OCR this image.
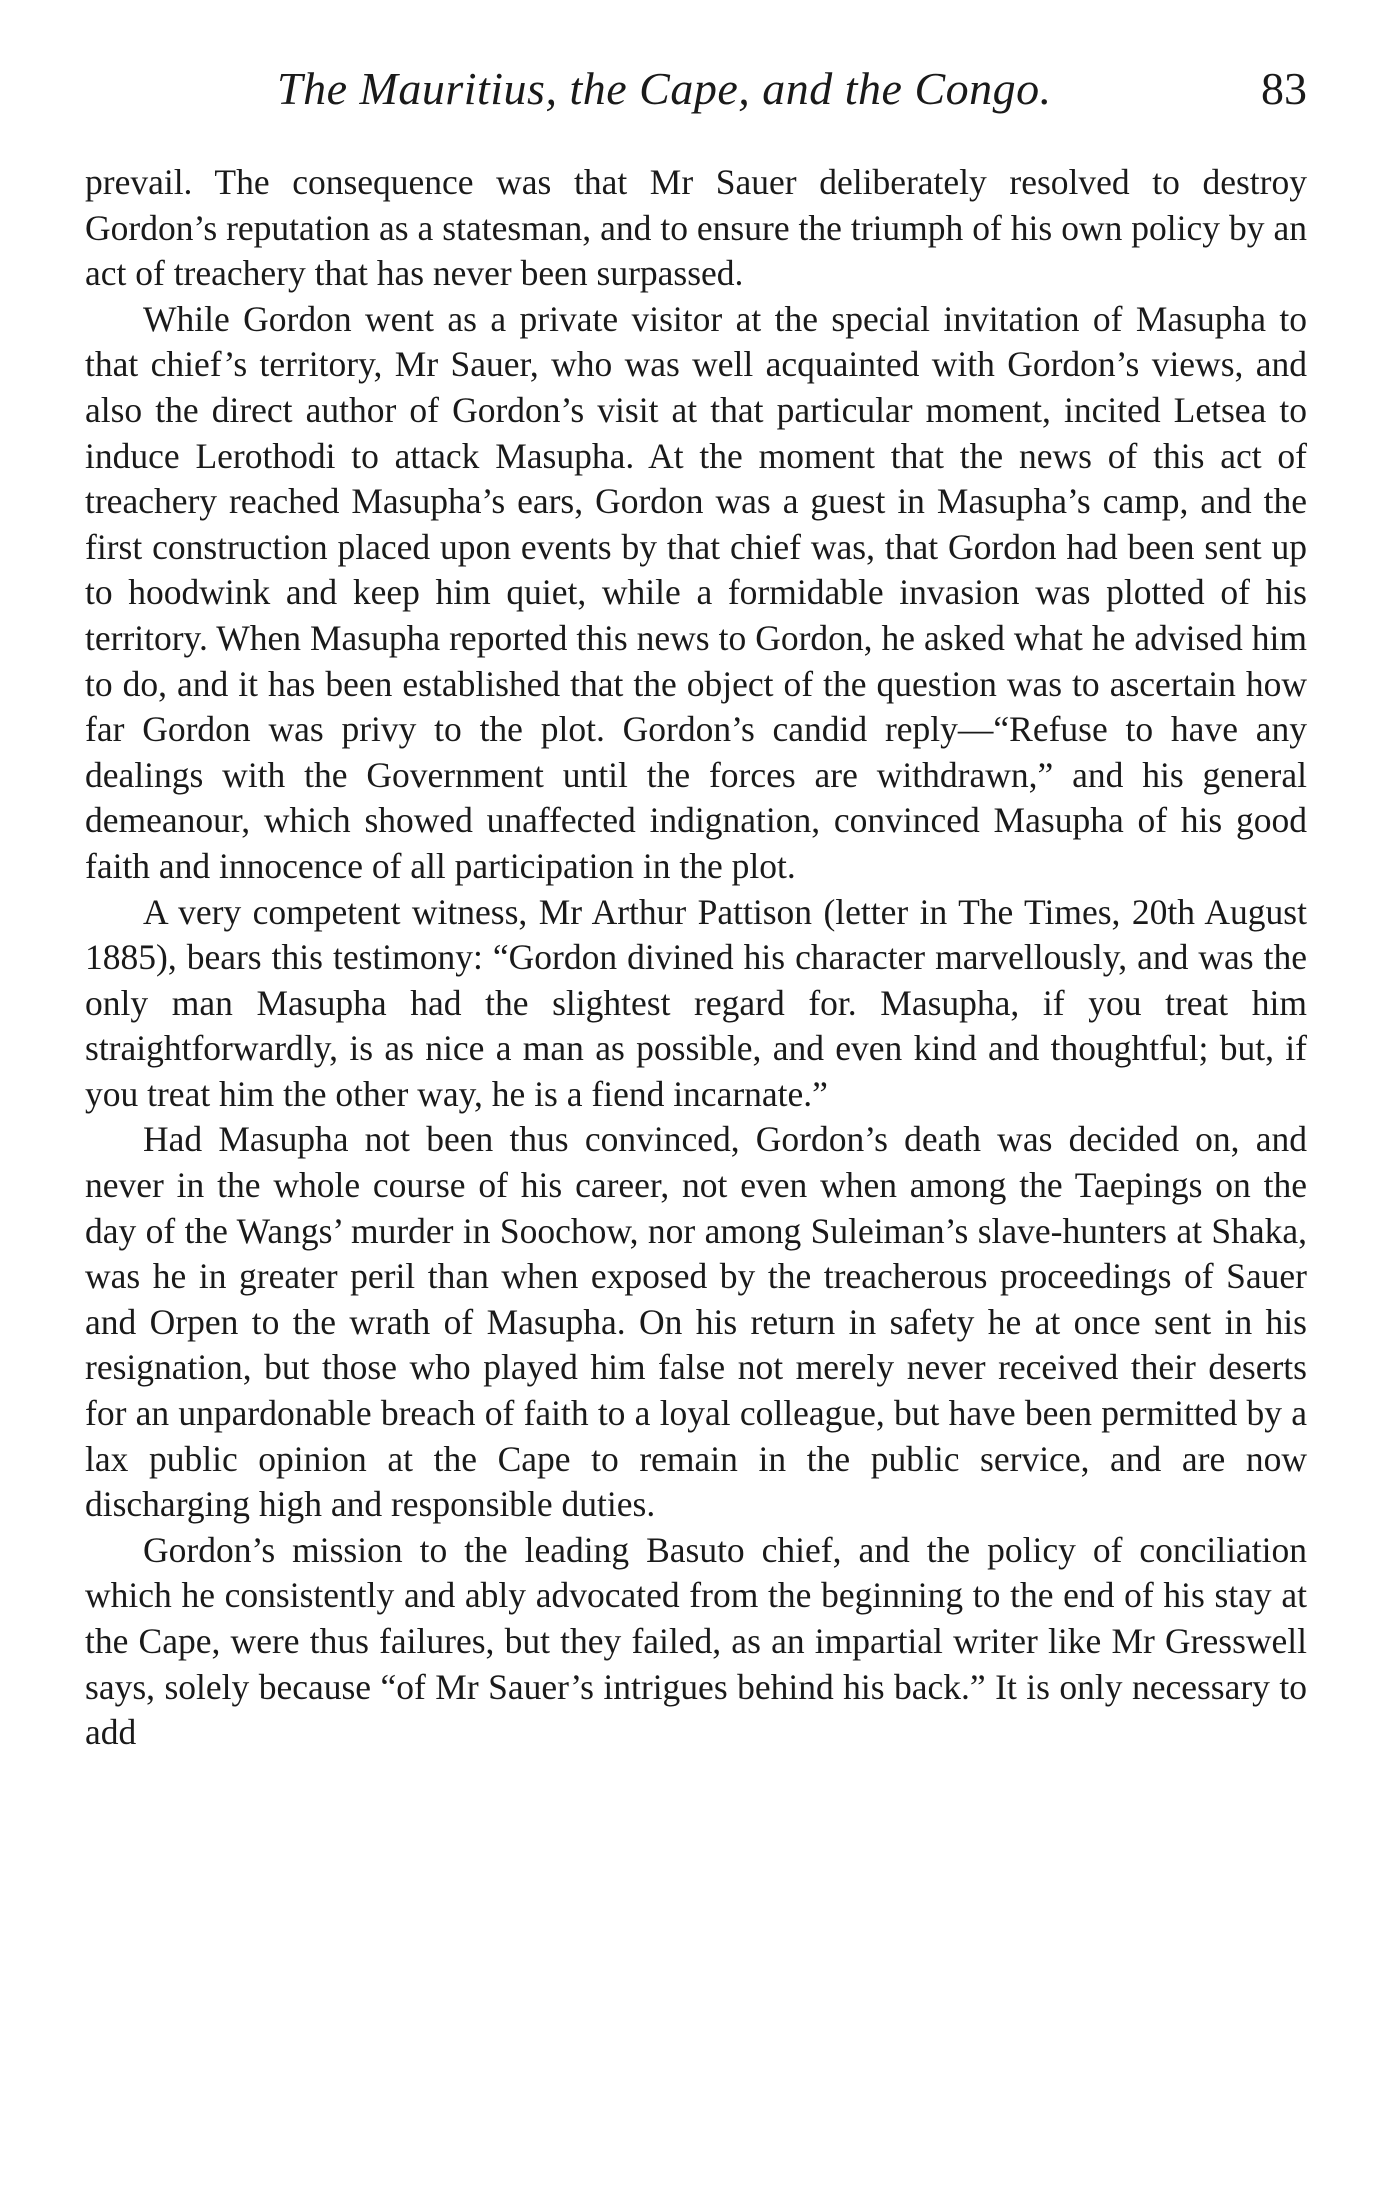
The Mauritius, the Cape, and the Congo.	83

prevail. The consequence was that Mr Sauer deliberately resolved to destroy Gordon’s reputation as a statesman, and to ensure the triumph of his own policy by an act of treachery that has never been surpassed.

While Gordon went as a private visitor at the special invitation of Masupha to that chief’s territory, Mr Sauer, who was well acquainted with Gordon’s views, and also the direct author of Gordon’s visit at that particular moment, incited Letsea to induce Lerothodi to attack Masupha. At the moment that the news of this act of treachery reached Masupha’s ears, Gordon was a guest in Masupha’s camp, and the first construction placed upon events by that chief was, that Gordon had been sent up to hoodwink and keep him quiet, while a formidable invasion was plotted of his territory. When Masupha reported this news to Gordon, he asked what he advised him to do, and it has been established that the object of the question was to ascertain how far Gordon was privy to the plot. Gordon’s candid reply—“Refuse to have any dealings with the Government until the forces are withdrawn,” and his general demeanour, which showed unaffected indignation, convinced Masupha of his good faith and innocence of all participation in the plot.

A very competent witness, Mr Arthur Pattison (letter in The Times, 20th August 1885), bears this testimony: “Gordon divined his character marvellously, and was the only man Masupha had the slightest regard for. Masupha, if you treat him straightforwardly, is as nice a man as possible, and even kind and thoughtful; but, if you treat him the other way, he is a fiend incarnate.”

Had Masupha not been thus convinced, Gordon’s death was decided on, and never in the whole course of his career, not even when among the Taepings on the day of the Wangs’ murder in Soochow, nor among Suleiman’s slave-hunters at Shaka, was he in greater peril than when exposed by the treacherous proceedings of Sauer and Orpen to the wrath of Masupha. On his return in safety he at once sent in his resignation, but those who played him false not merely never received their deserts for an unpardonable breach of faith to a loyal colleague, but have been permitted by a lax public opinion at the Cape to remain in the public service, and are now discharging high and responsible duties.

Gordon’s mission to the leading Basuto chief, and the policy of conciliation which he consistently and ably advocated from the beginning to the end of his stay at the Cape, were thus failures, but they failed, as an impartial writer like Mr Gresswell says, solely because “of Mr Sauer’s intrigues behind his back.” It is only necessary to add
